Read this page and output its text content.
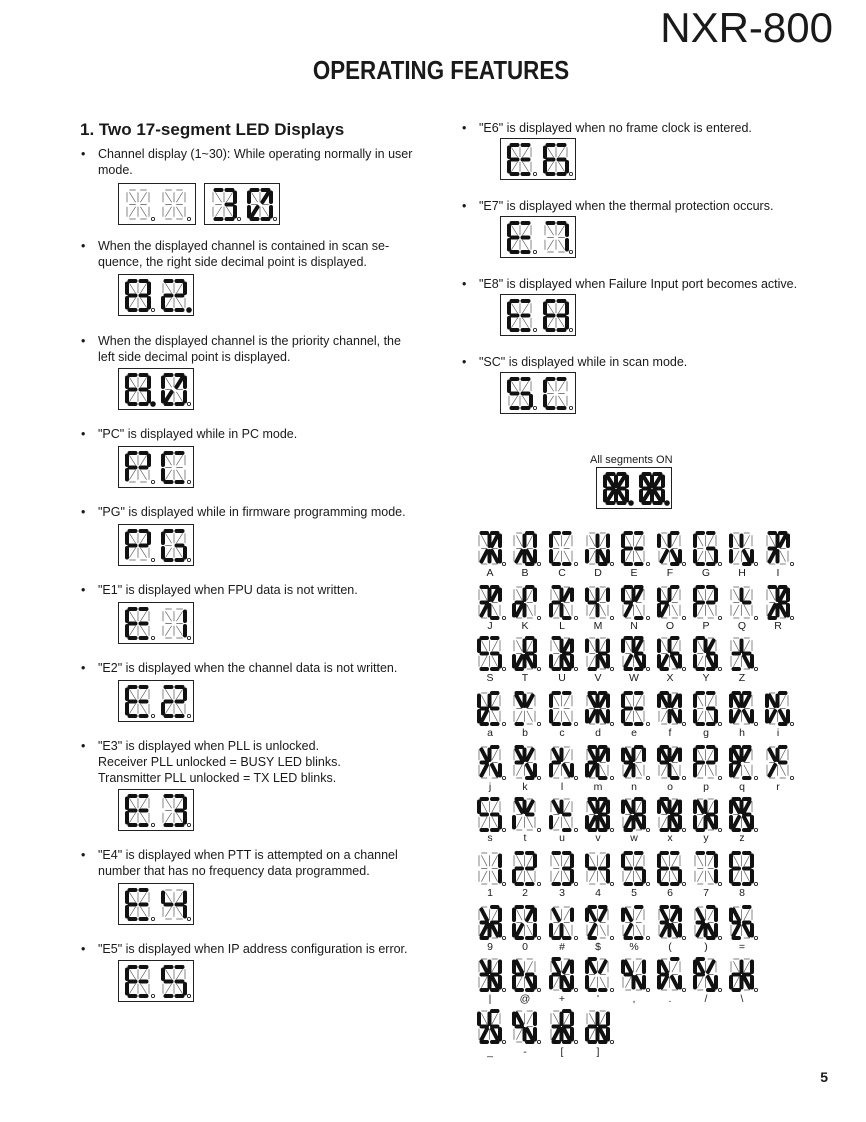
NXR-800
OPERATING FEATURES
1. Two 17-segment LED Displays
• Channel display (1~30): While operating normally in user
mode.
• When the displayed channel is contained in scan se-
quence, the right side decimal point is displayed.
• When the displayed channel is the priority channel, the
left side decimal point is displayed.
• "PC" is displayed while in PC mode.
• "PG" is displayed while in firmware programming mode.
• "E1" is displayed when FPU data is not written.
• "E2" is displayed when the channel data is not written.
• "E3" is displayed when PLL is unlocked.
Receiver PLL unlocked = BUSY LED blinks.
Transmitter PLL unlocked = TX LED blinks.
• "E4" is displayed when PTT is attempted on a channel
number that has no frequency data programmed.
• "E5" is displayed when IP address configuration is error.
• "E6" is displayed when no frame clock is entered.
• "E7" is displayed when the thermal protection occurs.
• "E8" is displayed when Failure Input port becomes active.
• "SC" is displayed while in scan mode.
All segments ON
A	B	C	D	E	F	G	H	I
J	K	L	M	N	O	P	Q	R
S	T	U	V	W	X	Y	Z
a	b	c	d	e	f	g	h	i
j	k	l	m	n	o	p	q	r
s	t	u	v	w	x	y	z
1	2	3	4	5	6	7	8
9	0	#	$	%	(	)	=
|	@	+	'	,	.	/	\
_	-	[	]
5
